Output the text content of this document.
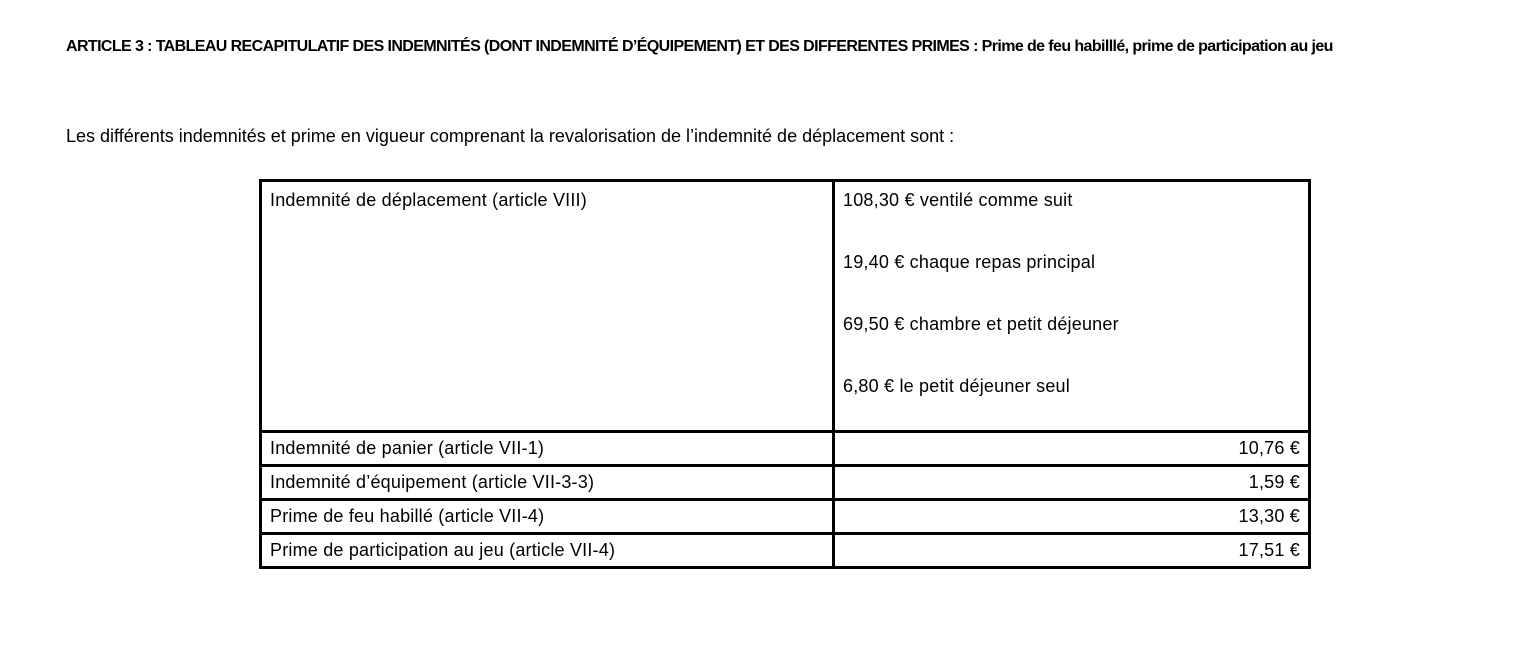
ARTICLE 3 : TABLEAU RECAPITULATIF DES INDEMNITÉS (DONT INDEMNITÉ D’ÉQUIPEMENT) ET DES DIFFERENTES PRIMES : Prime de feu habilllé, prime de participation au jeu
Les différents indemnités et prime en vigueur comprenant la revalorisation de l’indemnité de déplacement sont :
Indemnité de déplacement (article VIII)	108,30 € ventilé comme suit
19,40 € chaque repas principal
69,50 € chambre et petit déjeuner
6,80 € le petit déjeuner seul

Indemnité de panier (article VII-1)	10,76 €
Indemnité d’équipement (article VII-3-3)	1,59 €
Prime de feu habillé (article VII-4)	13,30 €
Prime de participation au jeu (article VII-4)	17,51 €
